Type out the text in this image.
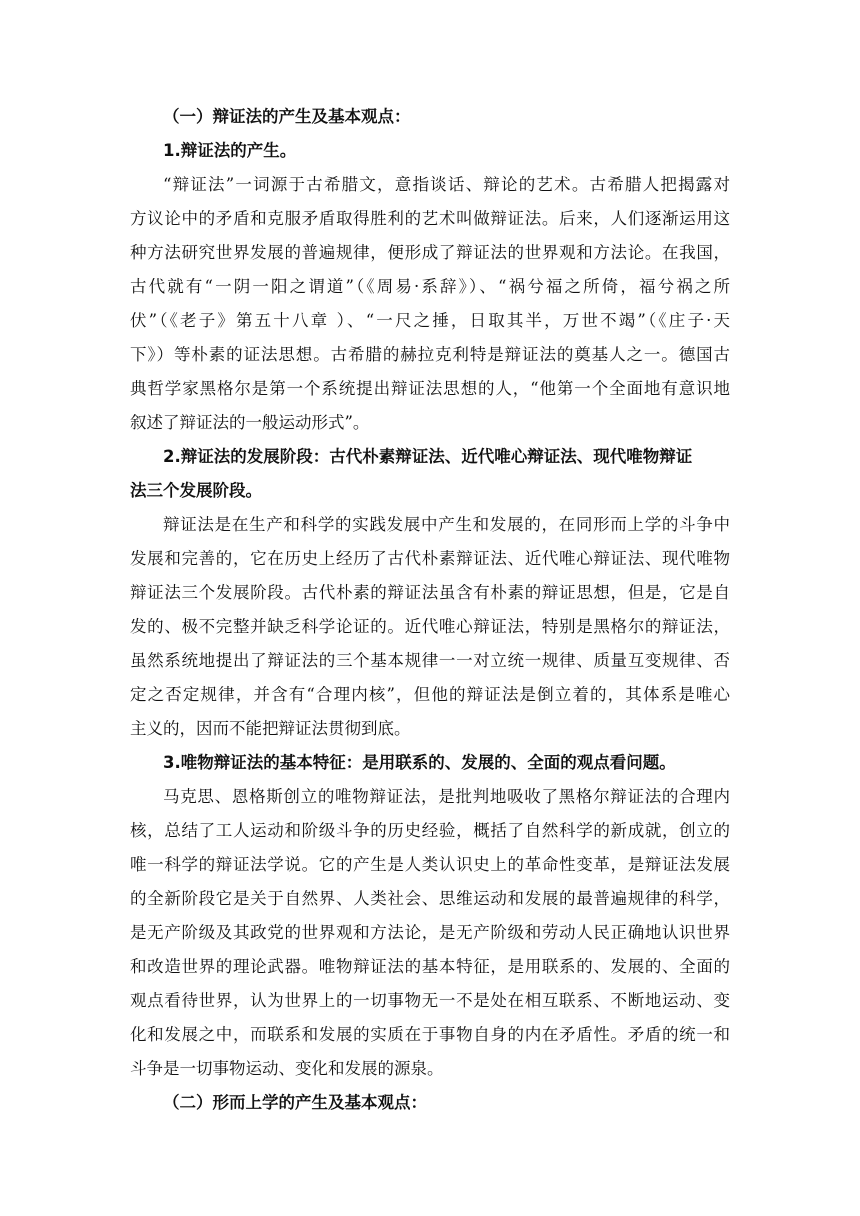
（一）辩证法的产生及基本观点：
1.辩证法的产生。
“辩证法”一词源于古希腊文，意指谈话、辩论的艺术。古希腊人把揭露对
方议论中的矛盾和克服矛盾取得胜利的艺术叫做辩证法。后来，人们逐渐运用这
种方法研究世界发展的普遍规律，便形成了辩证法的世界观和方法论。在我国，
古代就有“一阴一阳之谓道”（《周易·系辞》）、“祸兮福之所倚，福兮祸之所
伏”（《老子》第五十八章 ）、“一尺之捶，日取其半，万世不竭”（《庄子·天
下》）等朴素的证法思想。古希腊的赫拉克利特是辩证法的奠基人之一。德国古
典哲学家黑格尔是第一个系统提出辩证法思想的人，“他第一个全面地有意识地
叙述了辩证法的一般运动形式”。
2.辩证法的发展阶段：古代朴素辩证法、近代唯心辩证法、现代唯物辩证
法三个发展阶段。
辩证法是在生产和科学的实践发展中产生和发展的，在同形而上学的斗争中
发展和完善的，它在历史上经历了古代朴素辩证法、近代唯心辩证法、现代唯物
辩证法三个发展阶段。古代朴素的辩证法虽含有朴素的辩证思想，但是，它是自
发的、极不完整并缺乏科学论证的。近代唯心辩证法，特别是黑格尔的辩证法，
虽然系统地提出了辩证法的三个基本规律一一对立统一规律、质量互变规律、否
定之否定规律，并含有“合理内核”，但他的辩证法是倒立着的，其体系是唯心
主义的，因而不能把辩证法贯彻到底。
3.唯物辩证法的基本特征：是用联系的、发展的、全面的观点看问题。
马克思、恩格斯创立的唯物辩证法，是批判地吸收了黑格尔辩证法的合理内
核，总结了工人运动和阶级斗争的历史经验，概括了自然科学的新成就，创立的
唯一科学的辩证法学说。它的产生是人类认识史上的革命性变革，是辩证法发展
的全新阶段它是关于自然界、人类社会、思维运动和发展的最普遍规律的科学，
是无产阶级及其政党的世界观和方法论，是无产阶级和劳动人民正确地认识世界
和改造世界的理论武器。唯物辩证法的基本特征，是用联系的、发展的、全面的
观点看待世界，认为世界上的一切事物无一不是处在相互联系、不断地运动、变
化和发展之中，而联系和发展的实质在于事物自身的内在矛盾性。矛盾的统一和
斗争是一切事物运动、变化和发展的源泉。
（二）形而上学的产生及基本观点：
